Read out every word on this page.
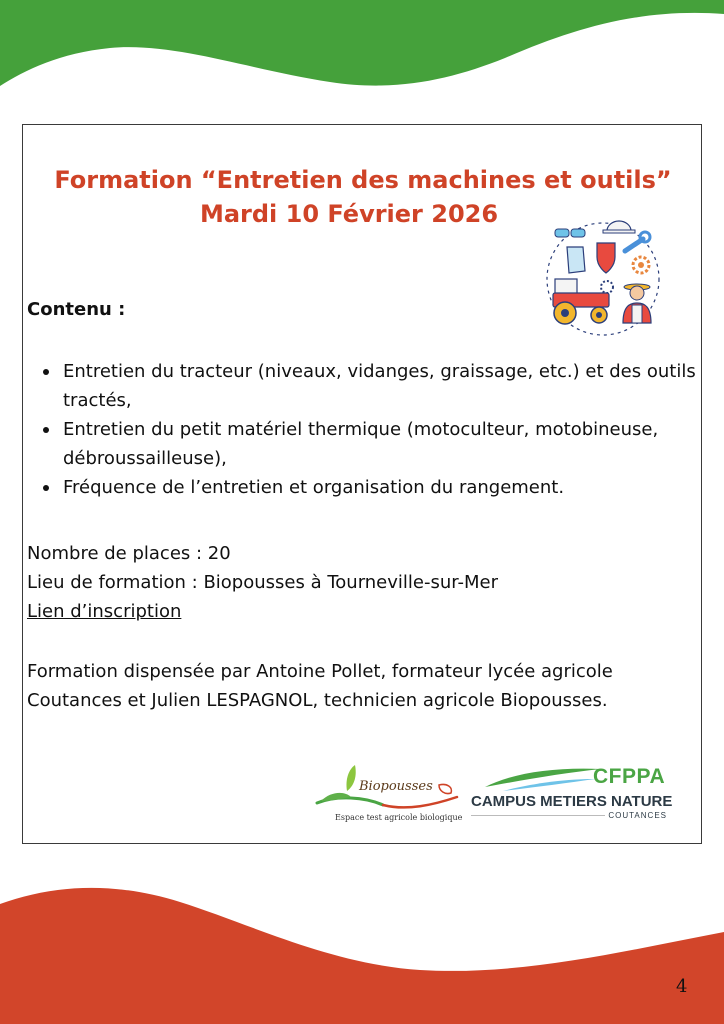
Formation “Entretien des machines et outils”
Mardi 10 Février 2026

Contenu :

Entretien du tracteur (niveaux, vidanges, graissage, etc.) et des outils tractés,
Entretien du petit matériel thermique (motoculteur, motobineuse, débroussailleuse),
Fréquence de l’entretien et organisation du rangement.
Nombre de places : 20
Lieu de formation : Biopousses à Tourneville-sur-Mer
Lien d’inscription

Formation dispensée par Antoine Pollet, formateur lycée agricole Coutances et Julien LESPAGNOL, technicien agricole Biopousses.

Biopousses
Espace test agricole biologique
CFPPA
CAMPUS METIERS NATURE
COUTANCES
4
